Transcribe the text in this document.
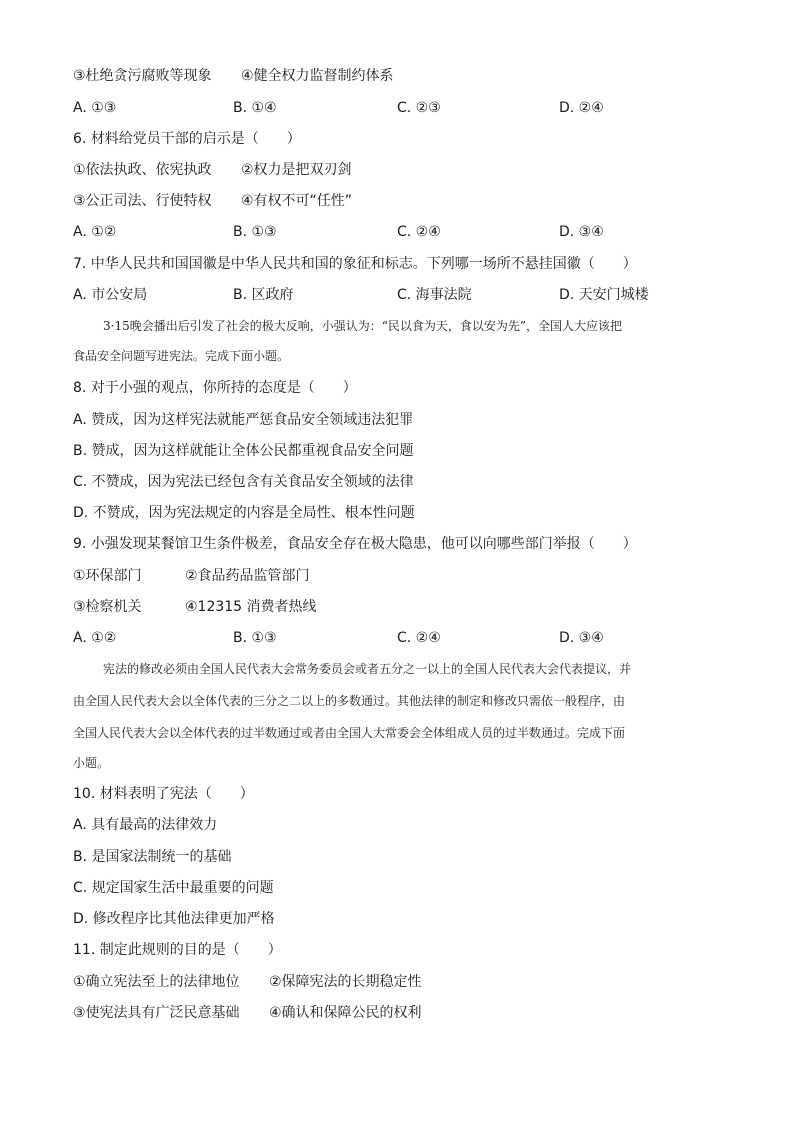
③杜绝贪污腐败等现象 ④健全权力监督制约体系
A. ①③	B. ①④	C. ②③	D. ②④
6. 材料给党员干部的启示是（　　）
①依法执政、依宪执政 ②权力是把双刃剑
③公正司法、行使特权 ④有权不可“任性”
A. ①②	B. ①③	C. ②④	D. ③④
7. 中华人民共和国国徽是中华人民共和国的象征和标志。下列哪一场所不悬挂国徽（　　）
A. 市公安局	B. 区政府	C. 海事法院	D. 天安门城楼
3·15晚会播出后引发了社会的极大反响，小强认为：“民以食为天，食以安为先”，全国人大应该把
食品安全问题写进宪法。完成下面小题。
8. 对于小强的观点，你所持的态度是（　　）
A. 赞成，因为这样宪法就能严惩食品安全领域违法犯罪
B. 赞成，因为这样就能让全体公民都重视食品安全问题
C. 不赞成，因为宪法已经包含有关食品安全领域的法律
D. 不赞成，因为宪法规定的内容是全局性、根本性问题
9. 小强发现某餐馆卫生条件极差，食品安全存在极大隐患，他可以向哪些部门举报（　　）
①环保部门	②食品药品监管部门
③检察机关	④12315 消费者热线
A. ①②	B. ①③	C. ②④	D. ③④
宪法的修改必须由全国人民代表大会常务委员会或者五分之一以上的全国人民代表大会代表提议，并
由全国人民代表大会以全体代表的三分之二以上的多数通过。其他法律的制定和修改只需依一般程序，由
全国人民代表大会以全体代表的过半数通过或者由全国人大常委会全体组成人员的过半数通过。完成下面
小题。
10. 材料表明了宪法（　　）
A. 具有最高的法律效力
B. 是国家法制统一的基础
C. 规定国家生活中最重要的问题
D. 修改程序比其他法律更加严格
11. 制定此规则的目的是（　　）
①确立宪法至上的法律地位 ②保障宪法的长期稳定性
③使宪法具有广泛民意基础 ④确认和保障公民的权利
